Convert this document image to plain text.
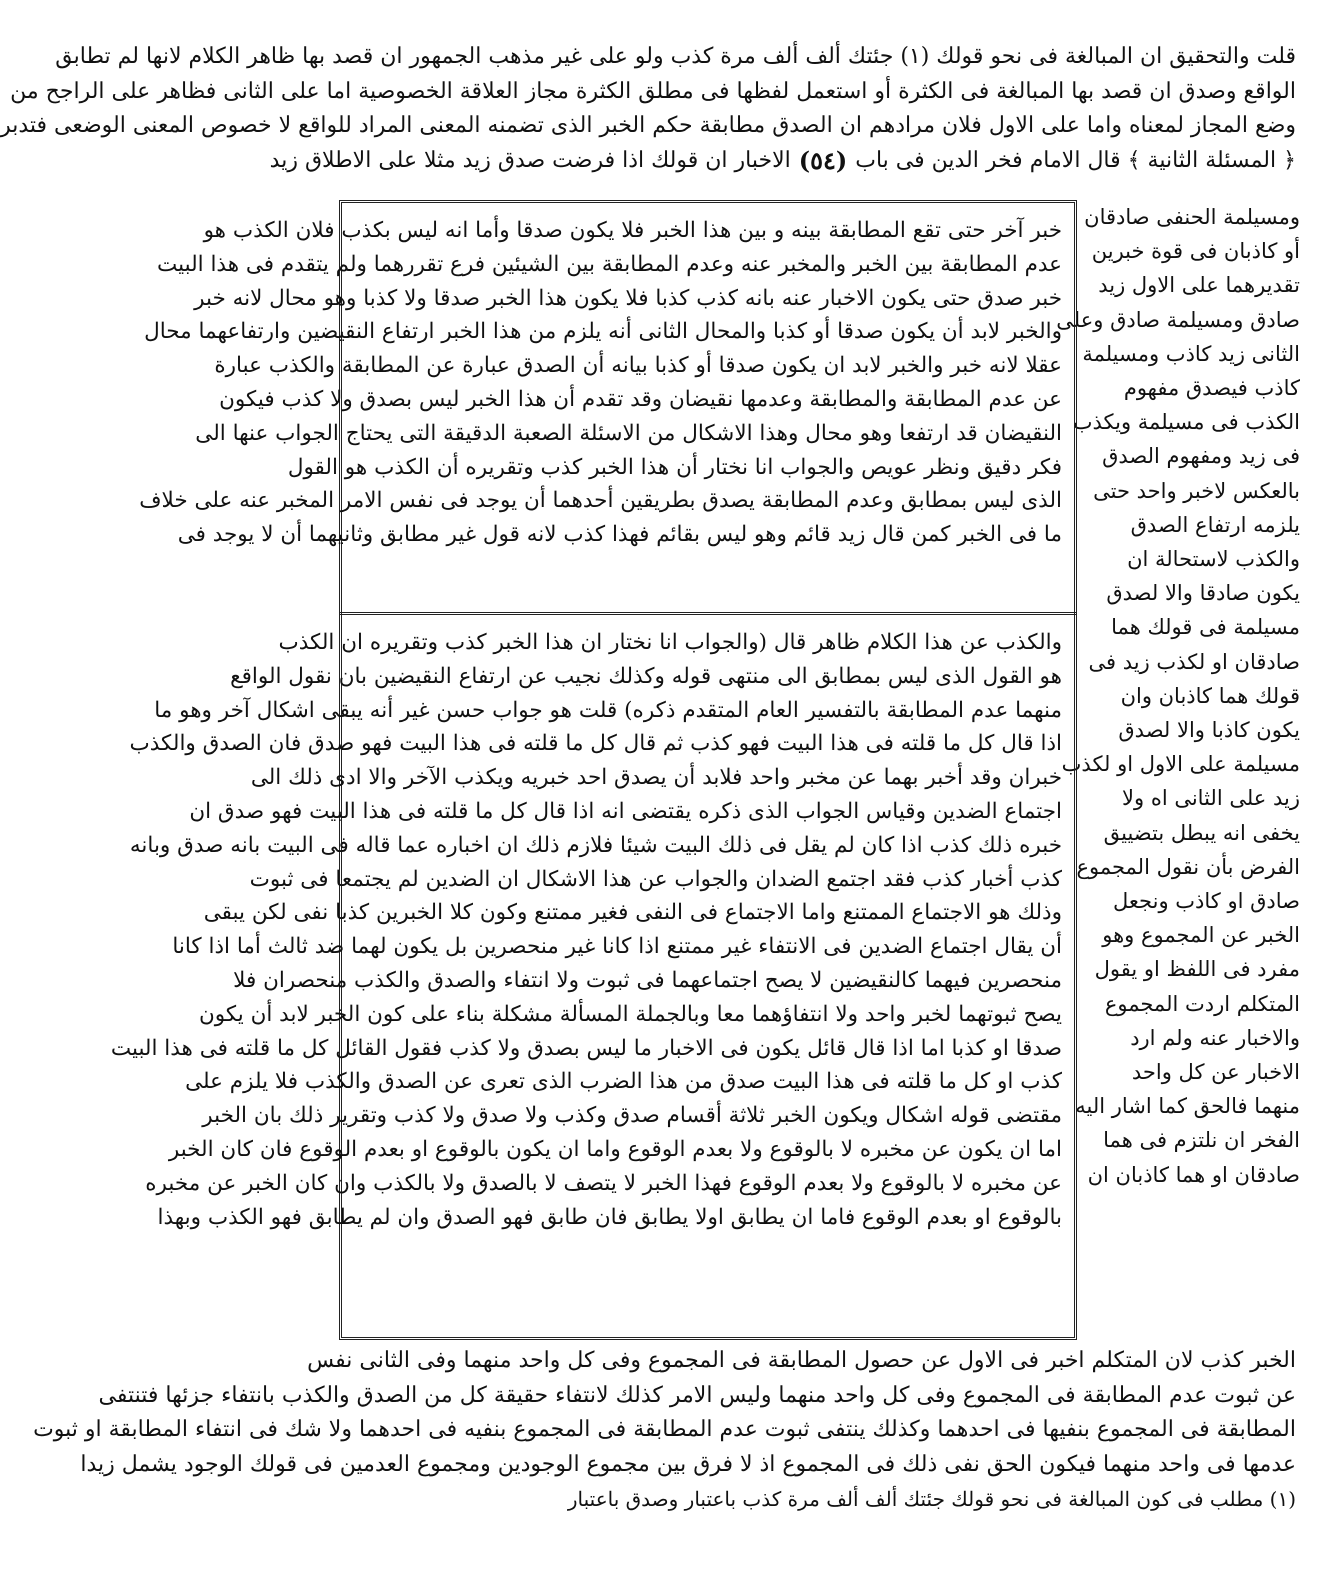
قلت والتحقيق ان المبالغة فى نحو قولك (١) جئتك ألف ألف مرة كذب ولو على غير مذهب الجمهور ان قصد بها ظاهر الكلام لانها لم تطابق
الواقع وصدق ان قصد بها المبالغة فى الكثرة أو استعمل لفظها فى مطلق الكثرة مجاز العلاقة الخصوصية اما على الثانى فظاهر على الراجح من
وضع المجاز لمعناه واما على الاول فلان مرادهم ان الصدق مطابقة حكم الخبر الذى تضمنه المعنى المراد للواقع لا خصوص المعنى الوضعى فتدبر
﴿ المسئلة الثانية ﴾ قال الامام فخر الدين فى باب
(٥٤)
الاخبار ان قولك اذا فرضت صدق زيد مثلا على الاطلاق زيد
ومسيلمة الحنفى صادقان
أو كاذبان فى قوة خبرين
تقديرهما على الاول زيد
صادق ومسيلمة صادق وعلى
الثانى زيد كاذب ومسيلمة
كاذب فيصدق مفهوم
الكذب فى مسيلمة ويكذب
فى زيد ومفهوم الصدق
بالعكس لاخبر واحد حتى
يلزمه ارتفاع الصدق
والكذب لاستحالة ان
يكون صادقا والا لصدق
مسيلمة فى قولك هما
صادقان او لكذب زيد فى
قولك هما كاذبان وان
يكون كاذبا والا لصدق
مسيلمة على الاول او لكذب
زيد على الثانى اه ولا
يخفى انه يبطل بتضييق
الفرض بأن نقول المجموع
صادق او كاذب ونجعل
الخبر عن المجموع وهو
مفرد فى اللفظ او يقول
المتكلم اردت المجموع
والاخبار عنه ولم ارد
الاخبار عن كل واحد
منهما فالحق كما اشار اليه
الفخر ان نلتزم فى هما
صادقان او هما كاذبان ان
خبر آخر حتى تقع المطابقة بينه و بين هذا الخبر فلا يكون صدقا وأما انه ليس بكذب فلان الكذب هو
عدم المطابقة بين الخبر والمخبر عنه وعدم المطابقة بين الشيئين فرع تقررهما ولم يتقدم فى هذا البيت
خبر صدق حتى يكون الاخبار عنه بانه كذب كذبا فلا يكون هذا الخبر صدقا ولا كذبا وهو محال لانه خبر
والخبر لابد أن يكون صدقا أو كذبا والمحال الثانى أنه يلزم من هذا الخبر ارتفاع النقيضين وارتفاعهما محال
عقلا لانه خبر والخبر لابد ان يكون صدقا أو كذبا بيانه أن الصدق عبارة عن المطابقة والكذب عبارة
عن عدم المطابقة والمطابقة وعدمها نقيضان وقد تقدم أن هذا الخبر ليس بصدق ولا كذب فيكون
النقيضان قد ارتفعا وهو محال وهذا الاشكال من الاسئلة الصعبة الدقيقة التى يحتاج الجواب عنها الى
فكر دقيق ونظر عويص والجواب انا نختار أن هذا الخبر كذب وتقريره أن الكذب هو القول
الذى ليس بمطابق وعدم المطابقة يصدق بطريقين أحدهما أن يوجد فى نفس الامر المخبر عنه على خلاف
ما فى الخبر كمن قال زيد قائم وهو ليس بقائم فهذا كذب لانه قول غير مطابق وثانيهما أن لا يوجد فى
والكذب عن هذا الكلام ظاهر قال (والجواب انا نختار ان هذا الخبر كذب وتقريره ان الكذب
هو القول الذى ليس بمطابق الى منتهى قوله وكذلك نجيب عن ارتفاع النقيضين بان نقول الواقع
منهما عدم المطابقة بالتفسير العام المتقدم ذكره) قلت هو جواب حسن غير أنه يبقى اشكال آخر وهو ما
اذا قال كل ما قلته فى هذا البيت فهو كذب ثم قال كل ما قلته فى هذا البيت فهو صدق فان الصدق والكذب
خبران وقد أخبر بهما عن مخبر واحد فلابد أن يصدق احد خبريه ويكذب الآخر والا ادى ذلك الى
اجتماع الضدين وقياس الجواب الذى ذكره يقتضى انه اذا قال كل ما قلته فى هذا البيت فهو صدق ان
خبره ذلك كذب اذا كان لم يقل فى ذلك البيت شيئا فلازم ذلك ان اخباره عما قاله فى البيت بانه صدق وبانه
كذب أخبار كذب فقد اجتمع الضدان والجواب عن هذا الاشكال ان الضدين لم يجتمعا فى ثبوت
وذلك هو الاجتماع الممتنع واما الاجتماع فى النفى فغير ممتنع وكون كلا الخبرين كذبا نفى لكن يبقى
أن يقال اجتماع الضدين فى الانتفاء غير ممتنع اذا كانا غير منحصرين بل يكون لهما ضد ثالث أما اذا كانا
منحصرين فيهما كالنقيضين لا يصح اجتماعهما فى ثبوت ولا انتفاء والصدق والكذب منحصران فلا
يصح ثبوتهما لخبر واحد ولا انتفاؤهما معا وبالجملة المسألة مشكلة بناء على كون الخبر لابد أن يكون
صدقا او كذبا اما اذا قال قائل يكون فى الاخبار ما ليس بصدق ولا كذب فقول القائل كل ما قلته فى هذا البيت
كذب او كل ما قلته فى هذا البيت صدق من هذا الضرب الذى تعرى عن الصدق والكذب فلا يلزم على
مقتضى قوله اشكال ويكون الخبر ثلاثة أقسام صدق وكذب ولا صدق ولا كذب وتقرير ذلك بان الخبر
اما ان يكون عن مخبره لا بالوقوع ولا بعدم الوقوع واما ان يكون بالوقوع او بعدم الوقوع فان كان الخبر
عن مخبره لا بالوقوع ولا بعدم الوقوع فهذا الخبر لا يتصف لا بالصدق ولا بالكذب وان كان الخبر عن مخبره
بالوقوع او بعدم الوقوع فاما ان يطابق اولا يطابق فان طابق فهو الصدق وان لم يطابق فهو الكذب وبهذا
الخبر كذب لان المتكلم اخبر فى الاول عن حصول المطابقة فى المجموع وفى كل واحد منهما وفى الثانى نفس
عن ثبوت عدم المطابقة فى المجموع وفى كل واحد منهما وليس الامر كذلك لانتفاء حقيقة كل من الصدق والكذب بانتفاء جزئها فتنتفى
المطابقة فى المجموع بنفيها فى احدهما وكذلك ينتفى ثبوت عدم المطابقة فى المجموع بنفيه فى احدهما ولا شك فى انتفاء المطابقة او ثبوت
عدمها فى واحد منهما فيكون الحق نفى ذلك فى المجموع اذ لا فرق بين مجموع الوجودين ومجموع العدمين فى قولك الوجود يشمل زيدا
(١) مطلب فى كون المبالغة فى نحو قولك جئتك ألف ألف مرة كذب باعتبار وصدق باعتبار
